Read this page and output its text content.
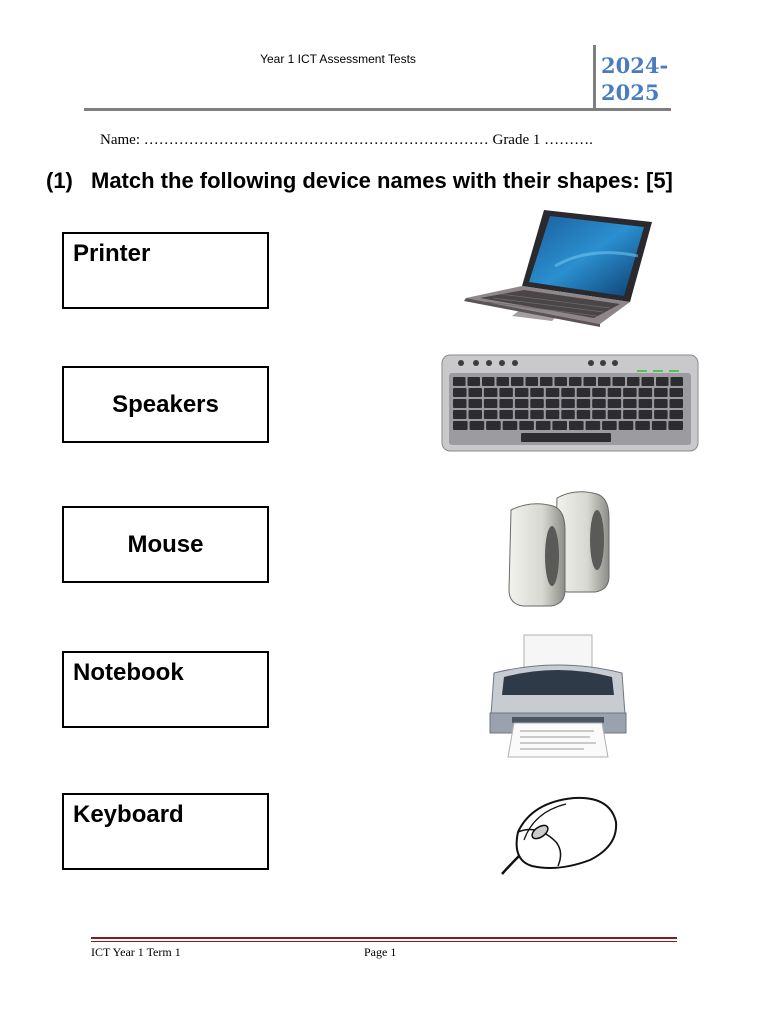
Year 1 ICT Assessment Tests	2024-
2025
Name: …………………………………………………………… Grade 1 ……….
(1) Match the following device names with their shapes: [5]
Printer
Speakers
Mouse
Notebook
Keyboard
ICT Year 1 Term 1	Page 1
